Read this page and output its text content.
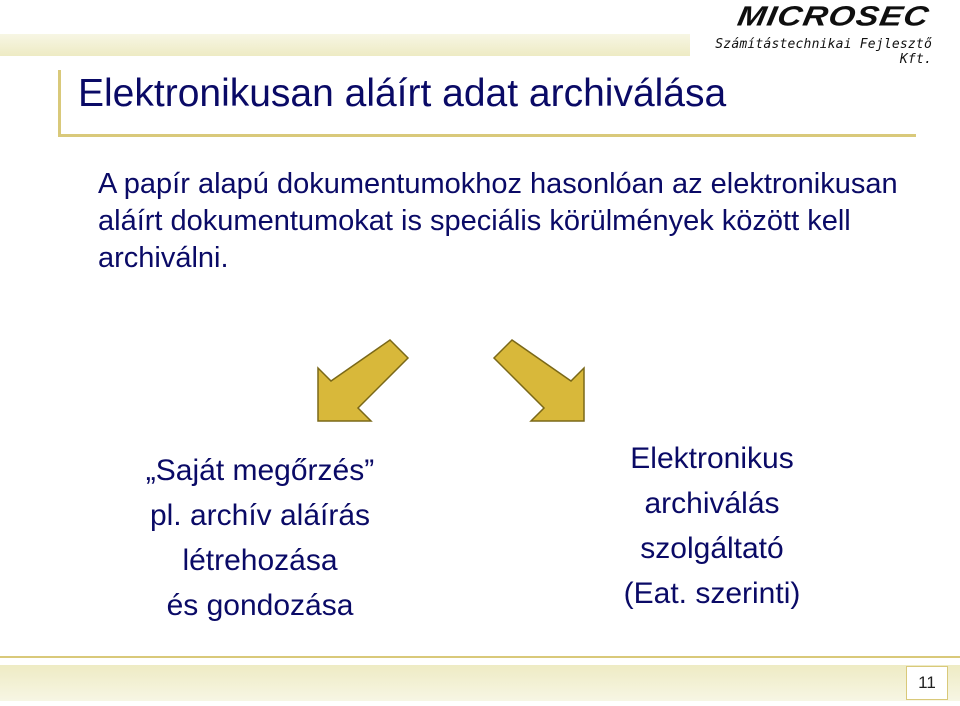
MICROSEC
Számítástechnikai Fejlesztő Kft.
Elektronikusan aláírt adat archiválása

A papír alapú dokumentumokhoz hasonlóan az elektronikusan aláírt dokumentumokat is speciális körülmények között kell archiválni.

„Saját megőrzés”
pl. archív aláírás
létrehozása
és gondozása
Elektronikus
archiválás
szolgáltató
(Eat. szerinti)
11
